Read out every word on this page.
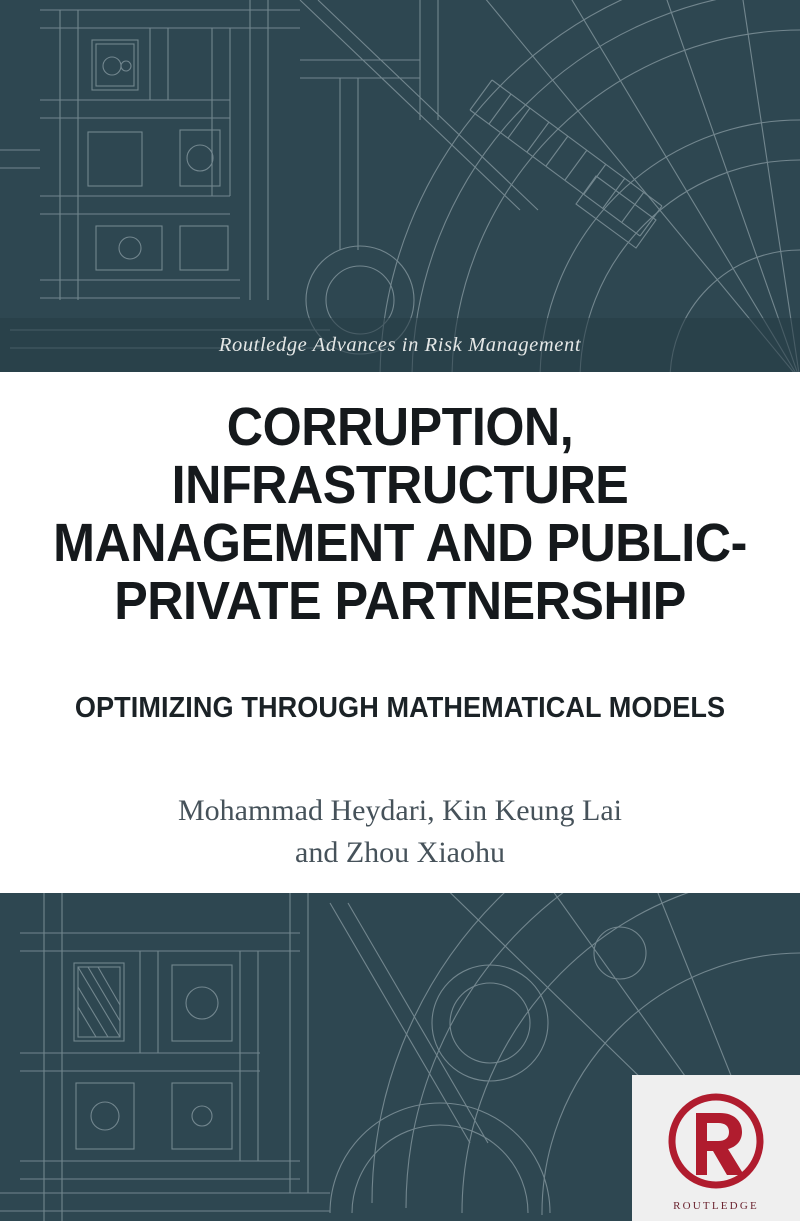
Routledge Advances in Risk Management
CORRUPTION,
INFRASTRUCTURE
MANAGEMENT AND PUBLIC-
PRIVATE PARTNERSHIP
OPTIMIZING THROUGH MATHEMATICAL MODELS
Mohammad Heydari, Kin Keung Lai
and Zhou Xiaohu
ROUTLEDGE
